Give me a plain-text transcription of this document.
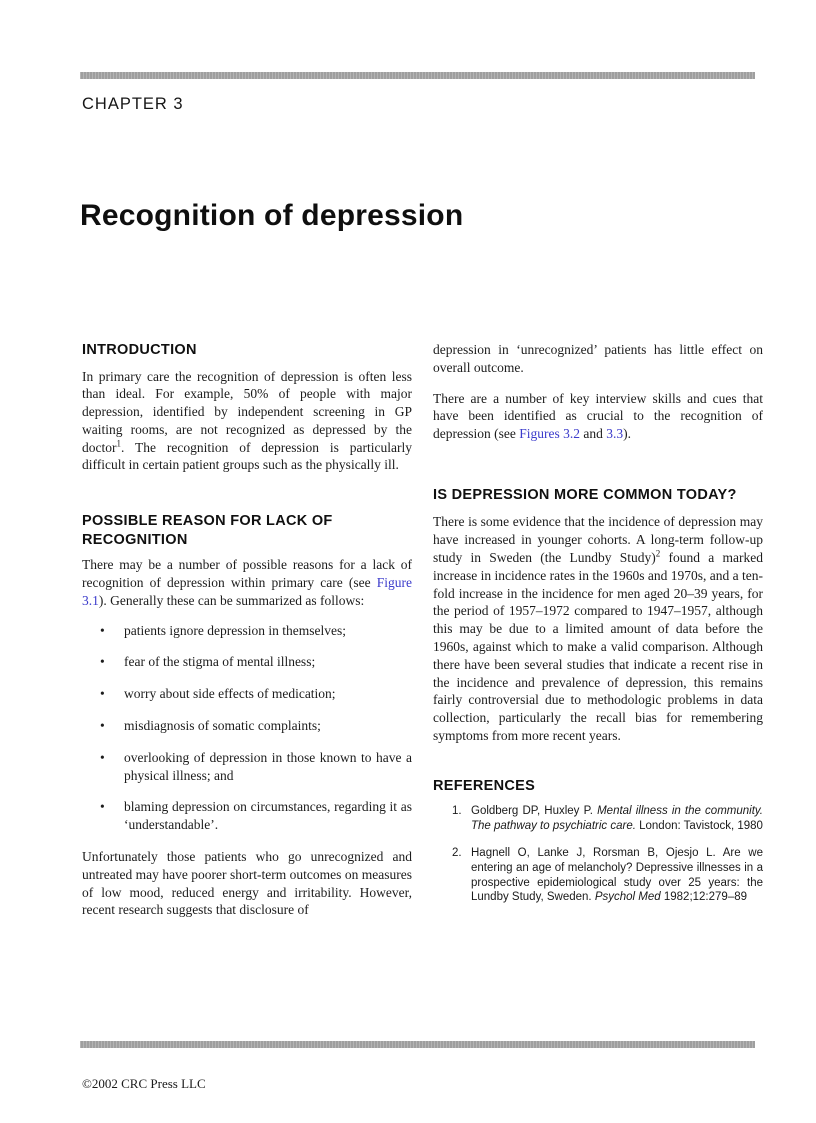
CHAPTER 3
Recognition of depression
INTRODUCTION

In primary care the recognition of depression is often less than ideal. For example, 50% of people with major depression, identified by independent screening in GP waiting rooms, are not recognized as depressed by the doctor$^1$. The recognition of depression is particularly difficult in certain patient groups such as the physically ill.

POSSIBLE REASON FOR LACK OF RECOGNITION

There may be a number of possible reasons for a lack of recognition of depression within primary care (see Figure 3.1). Generally these can be summarized as follows:

• patients ignore depression in themselves;
• fear of the stigma of mental illness;
• worry about side effects of medication;
• misdiagnosis of somatic complaints;
• overlooking of depression in those known to have a physical illness; and
• blaming depression on circumstances, regarding it as ‘understandable’.

Unfortunately those patients who go unrecognized and untreated may have poorer short-term outcomes on measures of low mood, reduced energy and irritability. However, recent research suggests that disclosure of

depression in ‘unrecognized’ patients has little effect on overall outcome.

There are a number of key interview skills and cues that have been identified as crucial to the recognition of depression (see Figures 3.2 and 3.3).

IS DEPRESSION MORE COMMON TODAY?

There is some evidence that the incidence of depression may have increased in younger cohorts. A long-term follow-up study in Sweden (the Lundby Study)$^2$ found a marked increase in incidence rates in the 1960s and 1970s, and a ten-fold increase in the incidence for men aged 20–39 years, for the period of 1957–1972 compared to 1947–1957, although this may be due to a limited amount of data before the 1960s, against which to make a valid comparison. Although there have been several studies that indicate a recent rise in the incidence and prevalence of depression, this remains fairly controversial due to methodologic problems in data collection, particularly the recall bias for remembering symptoms from more recent years.

REFERENCES
1. Goldberg DP, Huxley P. Mental illness in the community. The pathway to psychiatric care. London: Tavistock, 1980
2. Hagnell O, Lanke J, Rorsman B, Ojesjo L. Are we entering an age of melancholy? Depressive illnesses in a prospective epidemiological study over 25 years: the Lundby Study, Sweden. Psychol Med 1982;12:279–89
©2002 CRC Press LLC
